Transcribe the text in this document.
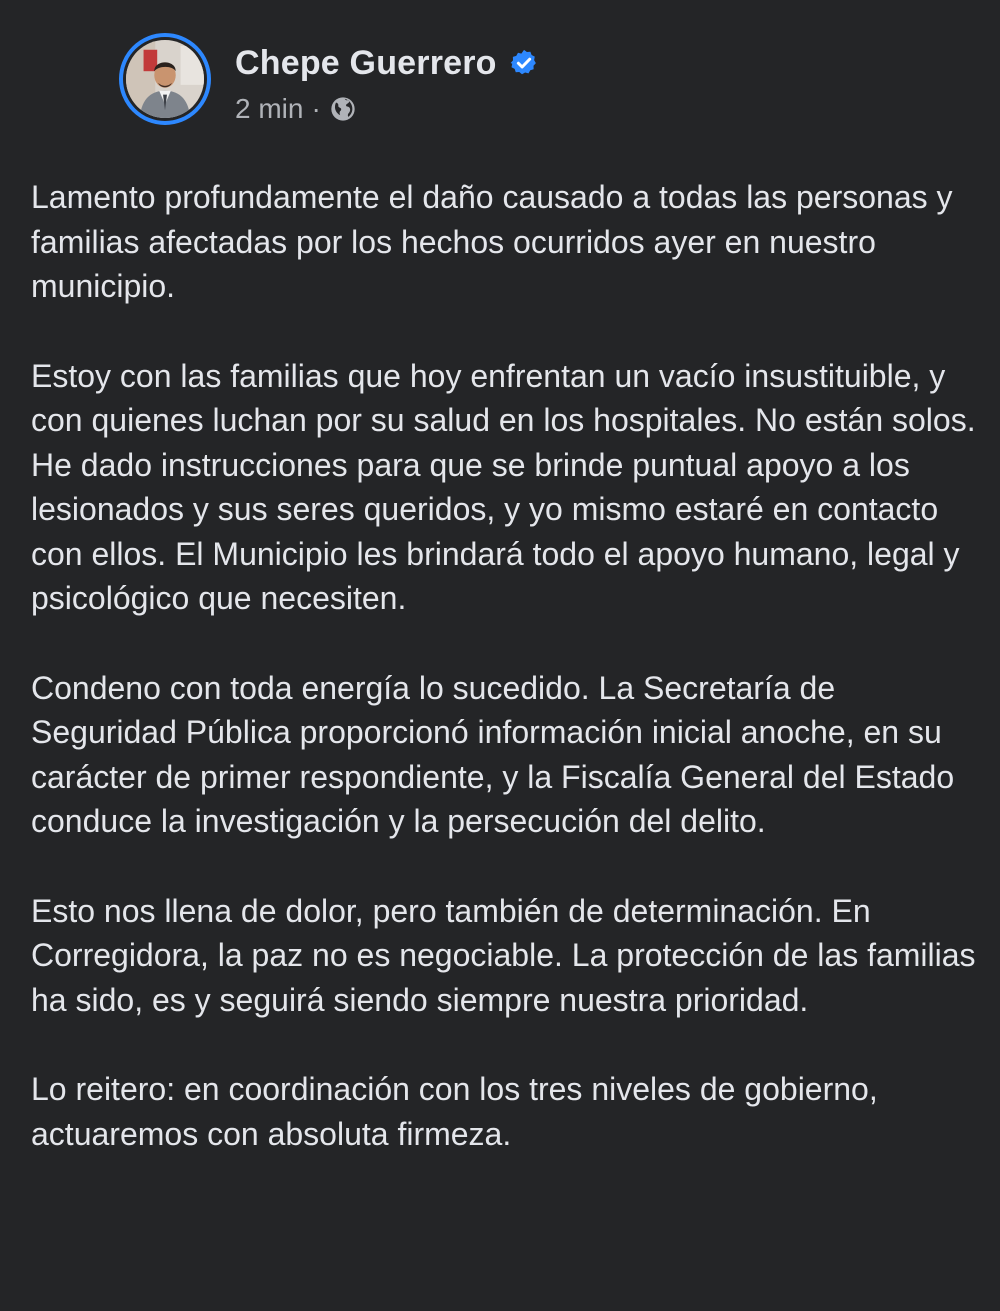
Chepe Guerrero
2 min ·

Lamento profundamente el daño causado a todas las personas y familias afectadas por los hechos ocurridos ayer en nuestro municipio.

Estoy con las familias que hoy enfrentan un vacío insustituible, y con quienes luchan por su salud en los hospitales. No están solos. He dado instrucciones para que se brinde puntual apoyo a los lesionados y sus seres queridos, y yo mismo estaré en contacto con ellos. El Municipio les brindará todo el apoyo humano, legal y psicológico que necesiten.

Condeno con toda energía lo sucedido. La Secretaría de Seguridad Pública proporcionó información inicial anoche, en su carácter de primer respondiente, y la Fiscalía General del Estado conduce la investigación y la persecución del delito.

Esto nos llena de dolor, pero también de determinación. En Corregidora, la paz no es negociable. La protección de las familias ha sido, es y seguirá siendo siempre nuestra prioridad.

Lo reitero: en coordinación con los tres niveles de gobierno, actuaremos con absoluta firmeza.
